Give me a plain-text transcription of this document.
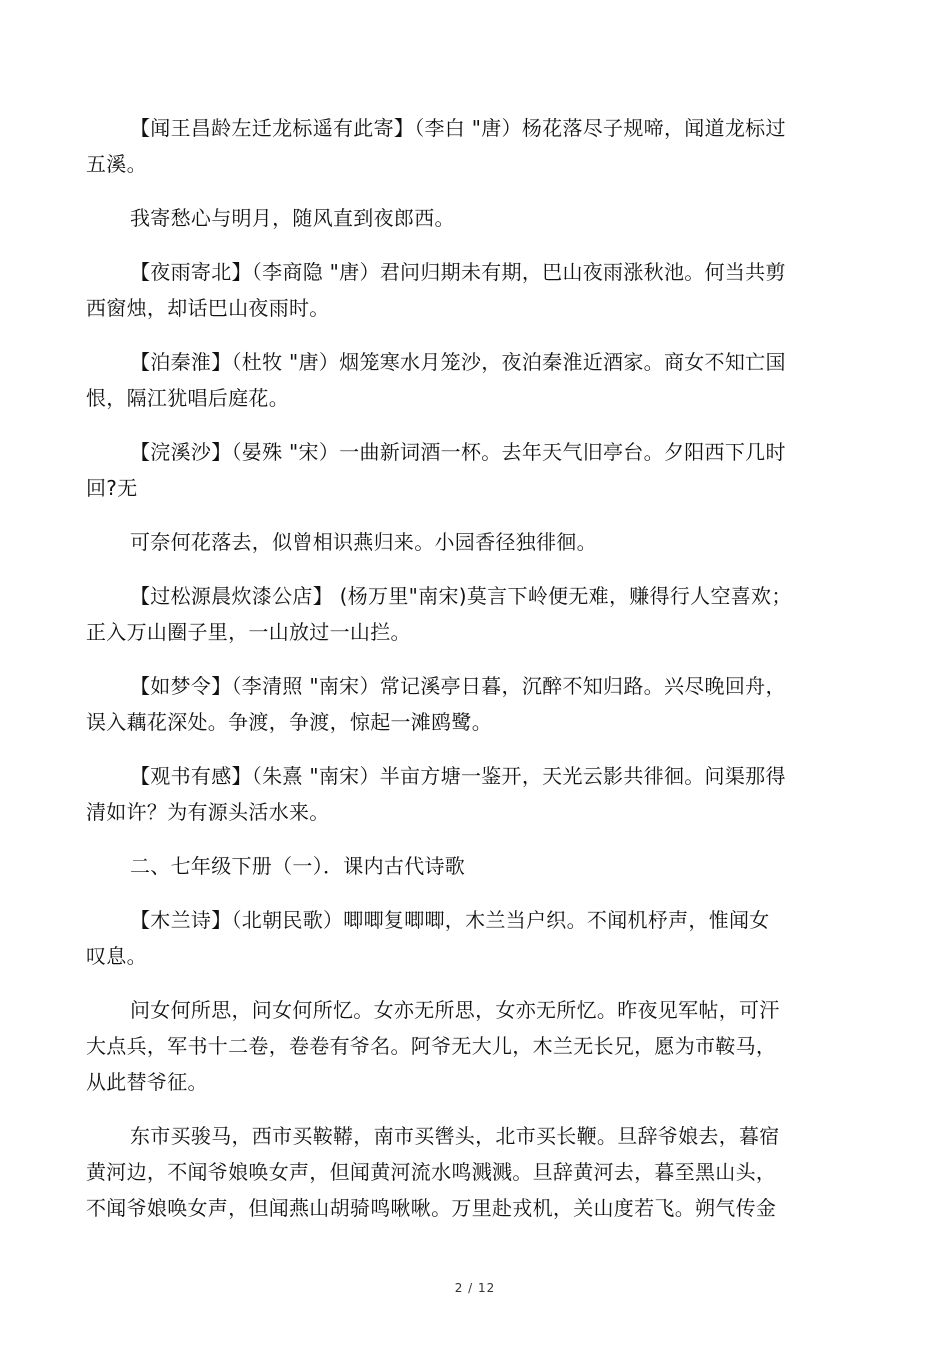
【闻王昌龄左迁龙标遥有此寄】（李白 "唐）杨花落尽子规啼，闻道龙标过
五溪。
我寄愁心与明月，随风直到夜郎西。
【夜雨寄北】（李商隐 "唐）君问归期未有期，巴山夜雨涨秋池。何当共剪
西窗烛，却话巴山夜雨时。
【泊秦淮】（杜牧 "唐）烟笼寒水月笼沙，夜泊秦淮近酒家。商女不知亡国
恨，隔江犹唱后庭花。
【浣溪沙】（晏殊 "宋）一曲新词酒一杯。去年天气旧亭台。夕阳西下几时
回?无
可奈何花落去，似曾相识燕归来。小园香径独徘徊。
【过松源晨炊漆公店】 (杨万里"南宋)莫言下岭便无难，赚得行人空喜欢；
正入万山圈子里，一山放过一山拦。
【如梦令】（李清照 "南宋）常记溪亭日暮，沉醉不知归路。兴尽晚回舟，
误入藕花深处。争渡，争渡，惊起一滩鸥鹭。
【观书有感】（朱熹 "南宋）半亩方塘一鉴开，天光云影共徘徊。问渠那得
清如许？为有源头活水来。
二、七年级下册（一）．课内古代诗歌
【木兰诗】（北朝民歌）唧唧复唧唧，木兰当户织。不闻机杼声，惟闻女
叹息。
问女何所思，问女何所忆。女亦无所思，女亦无所忆。昨夜见军帖，可汗
大点兵，军书十二卷，卷卷有爷名。阿爷无大儿，木兰无长兄，愿为市鞍马，
从此替爷征。
东市买骏马，西市买鞍鞯，南市买辔头，北市买长鞭。旦辞爷娘去，暮宿
黄河边，不闻爷娘唤女声，但闻黄河流水鸣溅溅。旦辞黄河去，暮至黑山头，
不闻爷娘唤女声，但闻燕山胡骑鸣啾啾。万里赴戎机，关山度若飞。朔气传金
2 / 12
